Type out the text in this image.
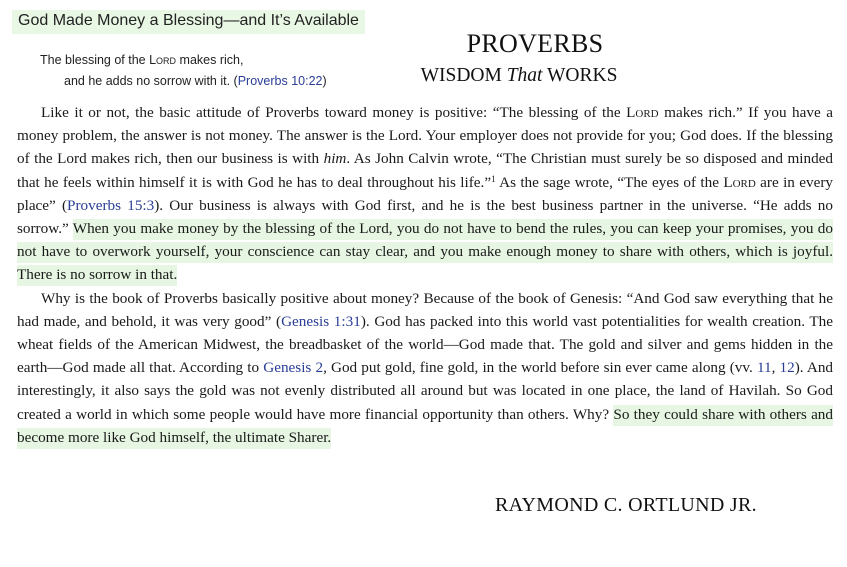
God Made Money a Blessing—and It’s Available
The blessing of the Lord makes rich,
and he adds no sorrow with it. (Proverbs 10:22)
PROVERBS
WISDOM That WORKS

Like it or not, the basic attitude of Proverbs toward money is positive: “The blessing of the Lord makes rich.” If you have a money problem, the answer is not money. The answer is the Lord. Your employer does not provide for you; God does. If the blessing of the Lord makes rich, then our business is with him. As John Calvin wrote, “The Christian must surely be so disposed and minded that he feels within himself it is with God he has to deal throughout his life.”$^1$ As the sage wrote, “The eyes of the Lord are in every place” (Proverbs 15:3). Our business is always with God first, and he is the best business partner in the universe. “He adds no sorrow.” When you make money by the blessing of the Lord, you do not have to bend the rules, you can keep your promises, you do not have to overwork yourself, your conscience can stay clear, and you make enough money to share with others, which is joyful. There is no sorrow in that.

Why is the book of Proverbs basically positive about money? Because of the book of Genesis: “And God saw everything that he had made, and behold, it was very good” (Genesis 1:31). God has packed into this world vast potentialities for wealth creation. The wheat fields of the American Midwest, the breadbasket of the world—God made that. The gold and silver and gems hidden in the earth—God made all that. According to Genesis 2, God put gold, fine gold, in the world before sin ever came along (vv. 11, 12). And interestingly, it also says the gold was not evenly distributed all around but was located in one place, the land of Havilah. So God created a world in which some people would have more financial opportunity than others. Why? So they could share with others and become more like God himself, the ultimate Sharer.

RAYMOND C. ORTLUND JR.
